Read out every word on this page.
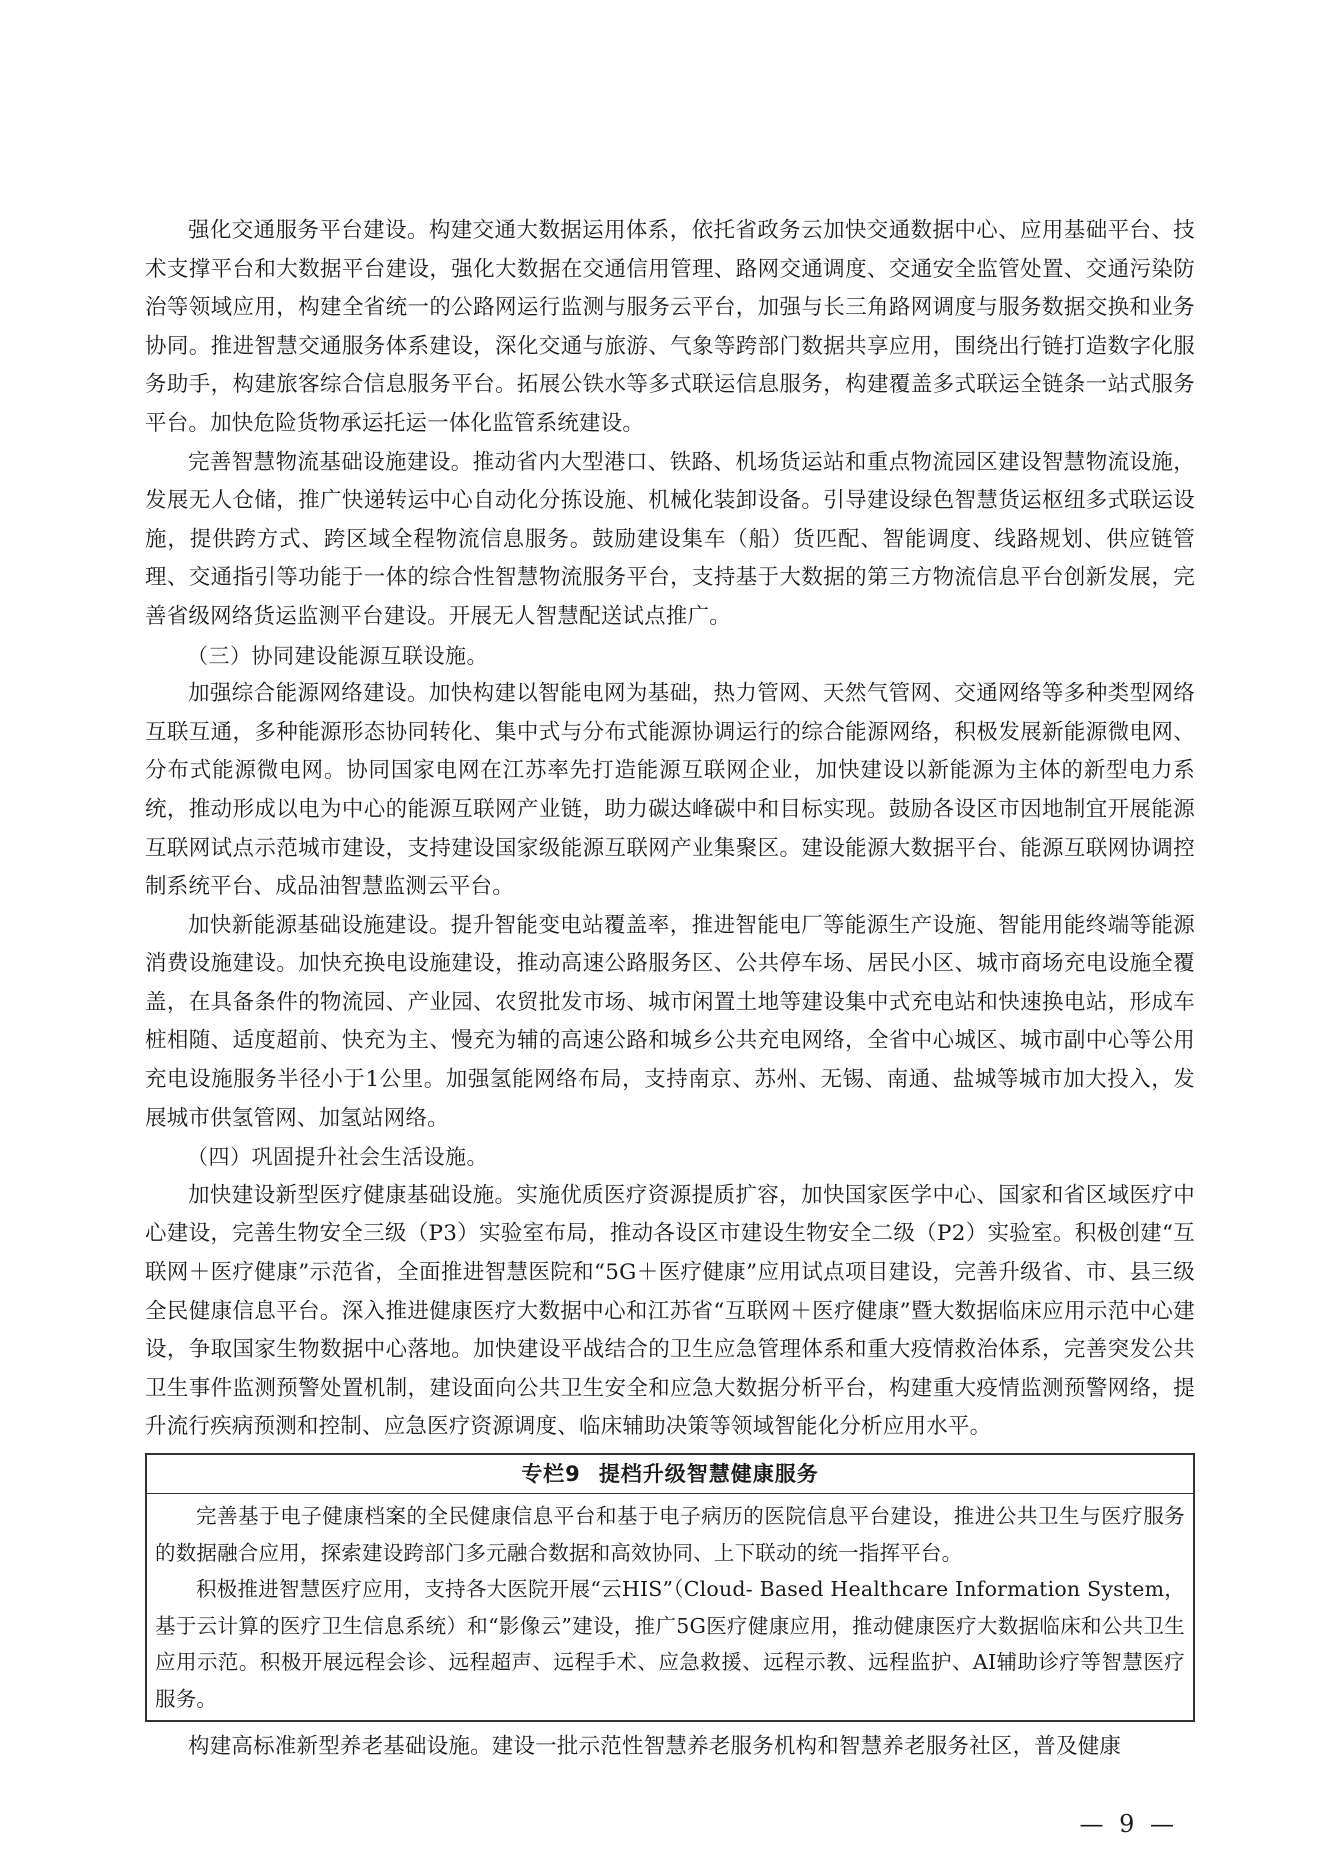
强化交通服务平台建设。构建交通大数据运用体系，依托省政务云加快交通数据中心、应用基础平台、技术支撑平台和大数据平台建设，强化大数据在交通信用管理、路网交通调度、交通安全监管处置、交通污染防治等领域应用，构建全省统一的公路网运行监测与服务云平台，加强与长三角路网调度与服务数据交换和业务协同。推进智慧交通服务体系建设，深化交通与旅游、气象等跨部门数据共享应用，围绕出行链打造数字化服务助手，构建旅客综合信息服务平台。拓展公铁水等多式联运信息服务，构建覆盖多式联运全链条一站式服务平台。加快危险货物承运托运一体化监管系统建设。

完善智慧物流基础设施建设。推动省内大型港口、铁路、机场货运站和重点物流园区建设智慧物流设施，发展无人仓储，推广快递转运中心自动化分拣设施、机械化装卸设备。引导建设绿色智慧货运枢纽多式联运设施，提供跨方式、跨区域全程物流信息服务。鼓励建设集车（船）货匹配、智能调度、线路规划、供应链管理、交通指引等功能于一体的综合性智慧物流服务平台，支持基于大数据的第三方物流信息平台创新发展，完善省级网络货运监测平台建设。开展无人智慧配送试点推广。

（三）协同建设能源互联设施。

加强综合能源网络建设。加快构建以智能电网为基础，热力管网、天然气管网、交通网络等多种类型网络互联互通，多种能源形态协同转化、集中式与分布式能源协调运行的综合能源网络，积极发展新能源微电网、分布式能源微电网。协同国家电网在江苏率先打造能源互联网企业，加快建设以新能源为主体的新型电力系统，推动形成以电为中心的能源互联网产业链，助力碳达峰碳中和目标实现。鼓励各设区市因地制宜开展能源互联网试点示范城市建设，支持建设国家级能源互联网产业集聚区。建设能源大数据平台、能源互联网协调控制系统平台、成品油智慧监测云平台。

加快新能源基础设施建设。提升智能变电站覆盖率，推进智能电厂等能源生产设施、智能用能终端等能源消费设施建设。加快充换电设施建设，推动高速公路服务区、公共停车场、居民小区、城市商场充电设施全覆盖，在具备条件的物流园、产业园、农贸批发市场、城市闲置土地等建设集中式充电站和快速换电站，形成车桩相随、适度超前、快充为主、慢充为辅的高速公路和城乡公共充电网络，全省中心城区、城市副中心等公用充电设施服务半径小于1公里。加强氢能网络布局，支持南京、苏州、无锡、南通、盐城等城市加大投入，发展城市供氢管网、加氢站网络。

（四）巩固提升社会生活设施。

加快建设新型医疗健康基础设施。实施优质医疗资源提质扩容，加快国家医学中心、国家和省区域医疗中心建设，完善生物安全三级（P3）实验室布局，推动各设区市建设生物安全二级（P2）实验室。积极创建“互联网＋医疗健康”示范省，全面推进智慧医院和“5G＋医疗健康”应用试点项目建设，完善升级省、市、县三级全民健康信息平台。深入推进健康医疗大数据中心和江苏省“互联网＋医疗健康”暨大数据临床应用示范中心建设，争取国家生物数据中心落地。加快建设平战结合的卫生应急管理体系和重大疫情救治体系，完善突发公共卫生事件监测预警处置机制，建设面向公共卫生安全和应急大数据分析平台，构建重大疫情监测预警网络，提升流行疾病预测和控制、应急医疗资源调度、临床辅助决策等领域智能化分析应用水平。

专栏9 提档升级智慧健康服务

完善基于电子健康档案的全民健康信息平台和基于电子病历的医院信息平台建设，推进公共卫生与医疗服务的数据融合应用，探索建设跨部门多元融合数据和高效协同、上下联动的统一指挥平台。

积极推进智慧医疗应用，支持各大医院开展“云HIS”（Cloud- Based Healthcare Information System，基于云计算的医疗卫生信息系统）和“影像云”建设，推广5G医疗健康应用，推动健康医疗大数据临床和公共卫生应用示范。积极开展远程会诊、远程超声、远程手术、应急救援、远程示教、远程监护、AI辅助诊疗等智慧医疗服务。

构建高标准新型养老基础设施。建设一批示范性智慧养老服务机构和智慧养老服务社区，普及健康

— 9 —
